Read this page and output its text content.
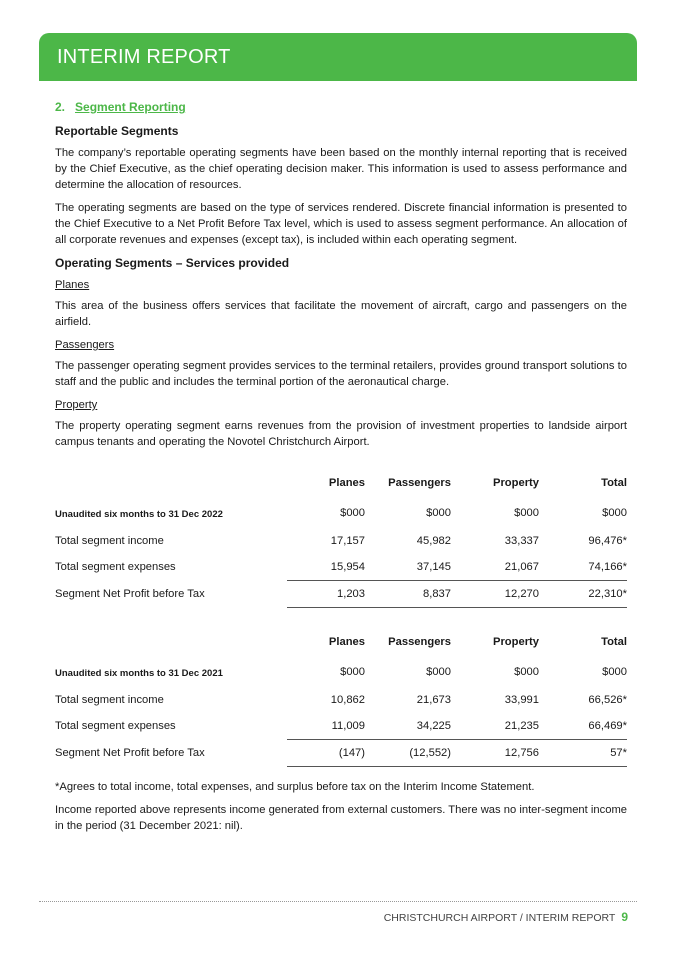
INTERIM REPORT
2. Segment Reporting
Reportable Segments

The company’s reportable operating segments have been based on the monthly internal reporting that is received by the Chief Executive, as the chief operating decision maker. This information is used to assess performance and determine the allocation of resources.

The operating segments are based on the type of services rendered. Discrete financial information is presented to the Chief Executive to a Net Profit Before Tax level, which is used to assess segment performance. An allocation of all corporate revenues and expenses (except tax), is included within each operating segment.

Operating Segments – Services provided
Planes

This area of the business offers services that facilitate the movement of aircraft, cargo and passengers on the airfield.

Passengers

The passenger operating segment provides services to the terminal retailers, provides ground transport solutions to staff and the public and includes the terminal portion of the aeronautical charge.

Property

The property operating segment earns revenues from the provision of investment properties to landside airport campus tenants and operating the Novotel Christchurch Airport.

	Planes	Passengers	Property	Total
Unaudited six months to 31 Dec 2022	$000	$000	$000	$000
Total segment income	17,157	45,982	33,337	96,476*
Total segment expenses	15,954	37,145	21,067	74,166*
Segment Net Profit before Tax	1,203	8,837	12,270	22,310*

	Planes	Passengers	Property	Total
Unaudited six months to 31 Dec 2021	$000	$000	$000	$000
Total segment income	10,862	21,673	33,991	66,526*
Total segment expenses	11,009	34,225	21,235	66,469*
Segment Net Profit before Tax	(147)	(12,552)	12,756	57*

*Agrees to total income, total expenses, and surplus before tax on the Interim Income Statement.

Income reported above represents income generated from external customers. There was no inter-segment income in the period (31 December 2021: nil).

CHRISTCHURCH AIRPORT / INTERIM REPORT 9
